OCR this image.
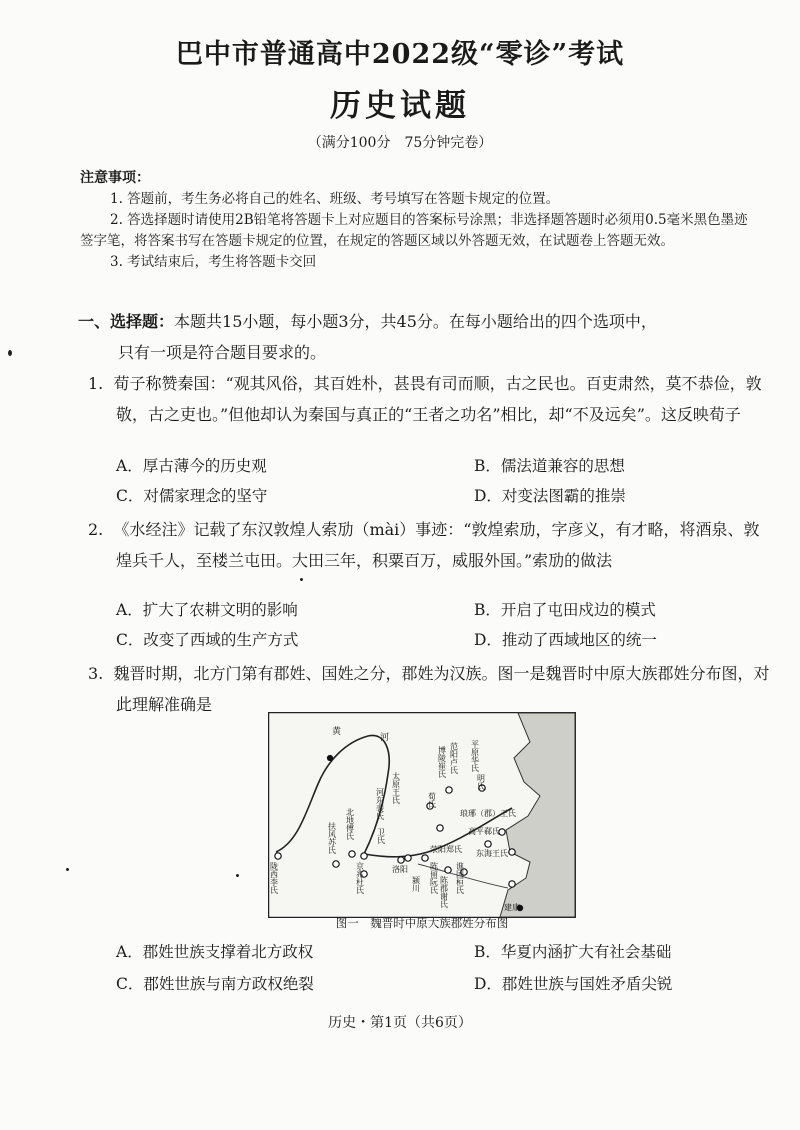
巴中市普通高中2022级“零诊”考试
历史试题
（满分100分　75分钟完卷）
注意事项：
1. 答题前，考生务必将自己的姓名、班级、考号填写在答题卡规定的位置。
2. 答选择题时请使用2B铅笔将答题卡上对应题目的答案标号涂黑；非选择题答题时必须用0.5毫米黑色墨迹签字笔，将答案书写在答题卡规定的位置，在规定的答题区域以外答题无效，在试题卷上答题无效。
3. 考试结束后，考生将答题卡交回
一、选择题：本题共15小题，每小题3分，共45分。在每小题给出的四个选项中，
只有一项是符合题目要求的。
1. 荀子称赞秦国：“观其风俗，其百姓朴，甚畏有司而顺，古之民也。百吏肃然，莫不恭俭，敦敬，古之吏也。”但他却认为秦国与真正的“王者之功名”相比，却“不及远矣”。这反映荀子
A．厚古薄今的历史观	B．儒法道兼容的思想
C．对儒家理念的坚守	D．对变法图霸的推崇
2. 《水经注》记载了东汉敦煌人索劢（mài）事迹：“敦煌索劢，字彦义，有才略，将酒泉、敦煌兵千人，至楼兰屯田。大田三年，积粟百万，威服外国。”索劢的做法
A．扩大了农耕文明的影响	B．开启了屯田戍边的模式
C．改变了西域的生产方式	D．推动了西域地区的统一
3. 魏晋时期，北方门第有郡姓、国姓之分，郡姓为汉族。图一是魏晋时中原大族郡姓分布图，对此理解准确是
黄
河
范阳卢氏 平原华氏
明氏
博陵崔氏
太原王氏
河东裴氏
卫氏
北地傅氏
陇西李氏	京兆杜氏
扶风苏氏
洛阳
颍川
荀氏
荥阳郑氏
陈留阮氏
琅琊（郡）王氏
高平郗氏
东海王氏
谯国桓氏
陈郡谢氏	建康
图一　魏晋时中原大族郡姓分布图
A．郡姓世族支撑着北方政权	B．华夏内涵扩大有社会基础
C．郡姓世族与南方政权绝裂	D．郡姓世族与国姓矛盾尖锐
历史・第1页（共6页）
